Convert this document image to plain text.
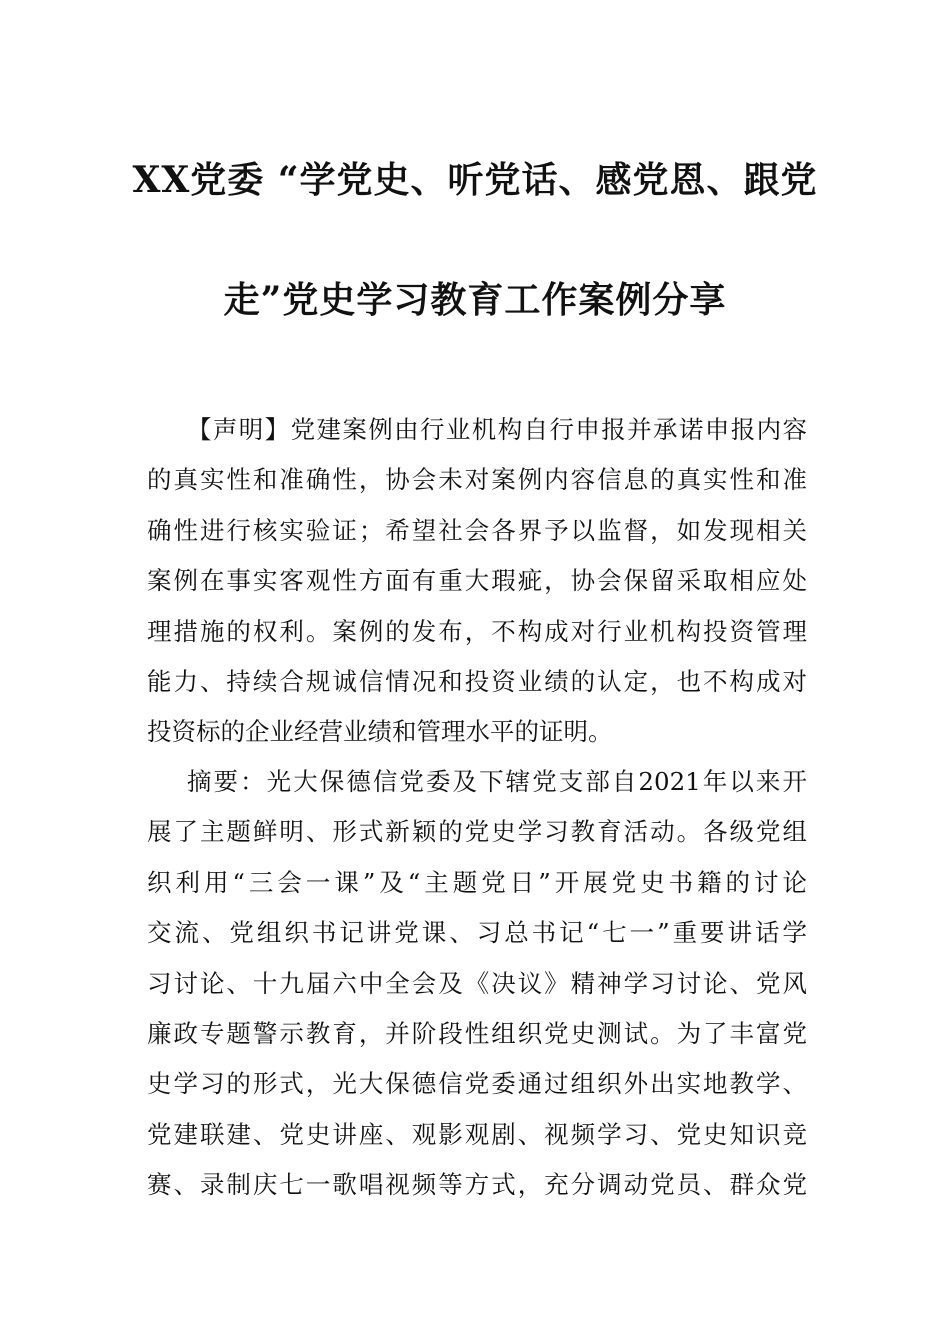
XX党委 “学党史、听党话、感党恩、跟党
走”党史学习教育工作案例分享
【声明】党建案例由行业机构自行申报并承诺申报内容
的真实性和准确性，协会未对案例内容信息的真实性和准
确性进行核实验证；希望社会各界予以监督，如发现相关
案例在事实客观性方面有重大瑕疵，协会保留采取相应处
理措施的权利。案例的发布，不构成对行业机构投资管理
能力、持续合规诚信情况和投资业绩的认定，也不构成对
投资标的企业经营业绩和管理水平的证明。
摘要：光大保德信党委及下辖党支部自2021年以来开
展了主题鲜明、形式新颖的党史学习教育活动。各级党组
织利用“三会一课”及“主题党日”开展党史书籍的讨论
交流、党组织书记讲党课、习总书记“七一”重要讲话学
习讨论、十九届六中全会及《决议》精神学习讨论、党风
廉政专题警示教育，并阶段性组织党史测试。为了丰富党
史学习的形式，光大保德信党委通过组织外出实地教学、
党建联建、党史讲座、观影观剧、视频学习、党史知识竞
赛、录制庆七一歌唱视频等方式，充分调动党员、群众党
